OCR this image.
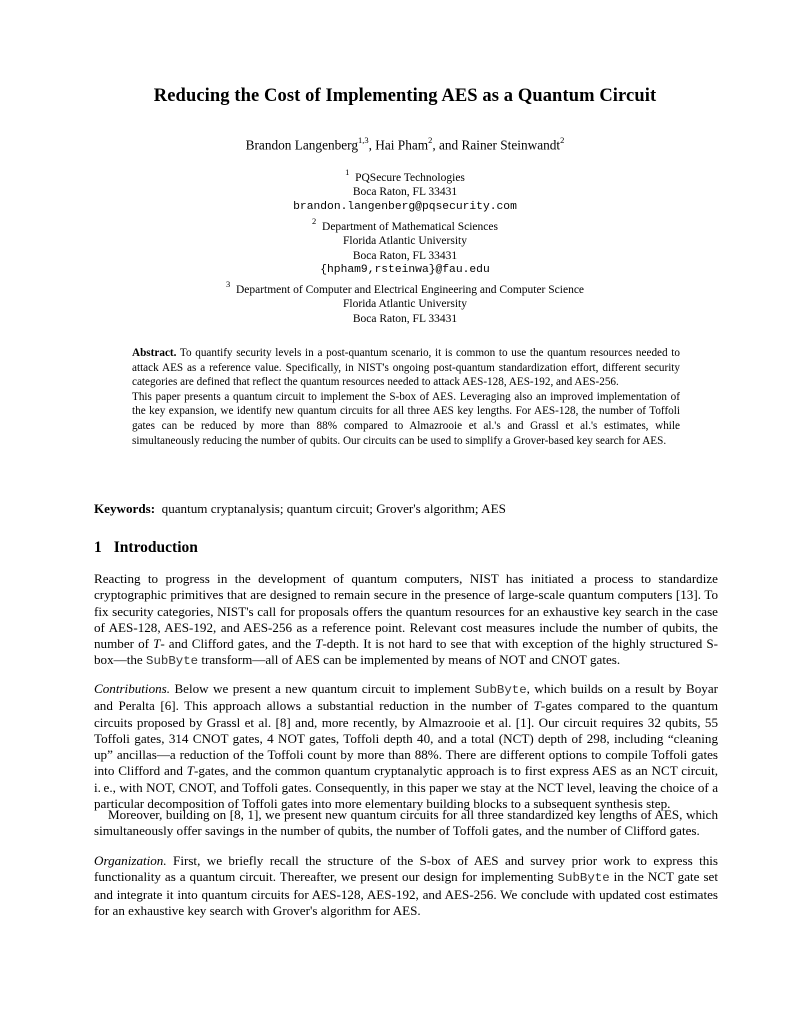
Reducing the Cost of Implementing AES as a Quantum Circuit
Brandon Langenberg$^{1,3}$, Hai Pham$^2$, and Rainer Steinwandt$^2$
$^1$ PQSecure Technologies
Boca Raton, FL 33431
brandon.langenberg@pqsecurity.com
$^2$ Department of Mathematical Sciences
Florida Atlantic University
Boca Raton, FL 33431
{hpham9,rsteinwa}@fau.edu
$^3$ Department of Computer and Electrical Engineering and Computer Science
Florida Atlantic University
Boca Raton, FL 33431

Abstract. To quantify security levels in a post-quantum scenario, it is common to use the quantum resources needed to attack AES as a reference value. Specifically, in NIST's ongoing post-quantum standardization effort, different security categories are defined that reflect the quantum resources needed to attack AES-128, AES-192, and AES-256.

This paper presents a quantum circuit to implement the S-box of AES. Leveraging also an improved implementation of the key expansion, we identify new quantum circuits for all three AES key lengths. For AES-128, the number of Toffoli gates can be reduced by more than 88% compared to Almazrooie et al.'s and Grassl et al.'s estimates, while simultaneously reducing the number of qubits. Our circuits can be used to simplify a Grover-based key search for AES.

Keywords: quantum cryptanalysis; quantum circuit; Grover's algorithm; AES
1 Introduction

Reacting to progress in the development of quantum computers, NIST has initiated a process to standardize cryptographic primitives that are designed to remain secure in the presence of large-scale quantum computers [13]. To fix security categories, NIST's call for proposals offers the quantum resources for an exhaustive key search in the case of AES-128, AES-192, and AES-256 as a reference point. Relevant cost measures include the number of qubits, the number of T- and Clifford gates, and the T-depth. It is not hard to see that with exception of the highly structured S-box—the SubByte transform—all of AES can be implemented by means of NOT and CNOT gates.

Contributions. Below we present a new quantum circuit to implement SubByte, which builds on a result by Boyar and Peralta [6]. This approach allows a substantial reduction in the number of T-gates compared to the quantum circuits proposed by Grassl et al. [8] and, more recently, by Almazrooie et al. [1]. Our circuit requires 32 qubits, 55 Toffoli gates, 314 CNOT gates, 4 NOT gates, Toffoli depth 40, and a total (NCT) depth of 298, including “cleaning up” ancillas—a reduction of the Toffoli count by more than 88%. There are different options to compile Toffoli gates into Clifford and T-gates, and the common quantum cryptanalytic approach is to first express AES as an NCT circuit, i. e., with NOT, CNOT, and Toffoli gates. Consequently, in this paper we stay at the NCT level, leaving the choice of a particular decomposition of Toffoli gates into more elementary building blocks to a subsequent synthesis step.

Moreover, building on [8, 1], we present new quantum circuits for all three standardized key lengths of AES, which simultaneously offer savings in the number of qubits, the number of Toffoli gates, and the number of Clifford gates.

Organization. First, we briefly recall the structure of the S-box of AES and survey prior work to express this functionality as a quantum circuit. Thereafter, we present our design for implementing SubByte in the NCT gate set and integrate it into quantum circuits for AES-128, AES-192, and AES-256. We conclude with updated cost estimates for an exhaustive key search with Grover's algorithm for AES.
